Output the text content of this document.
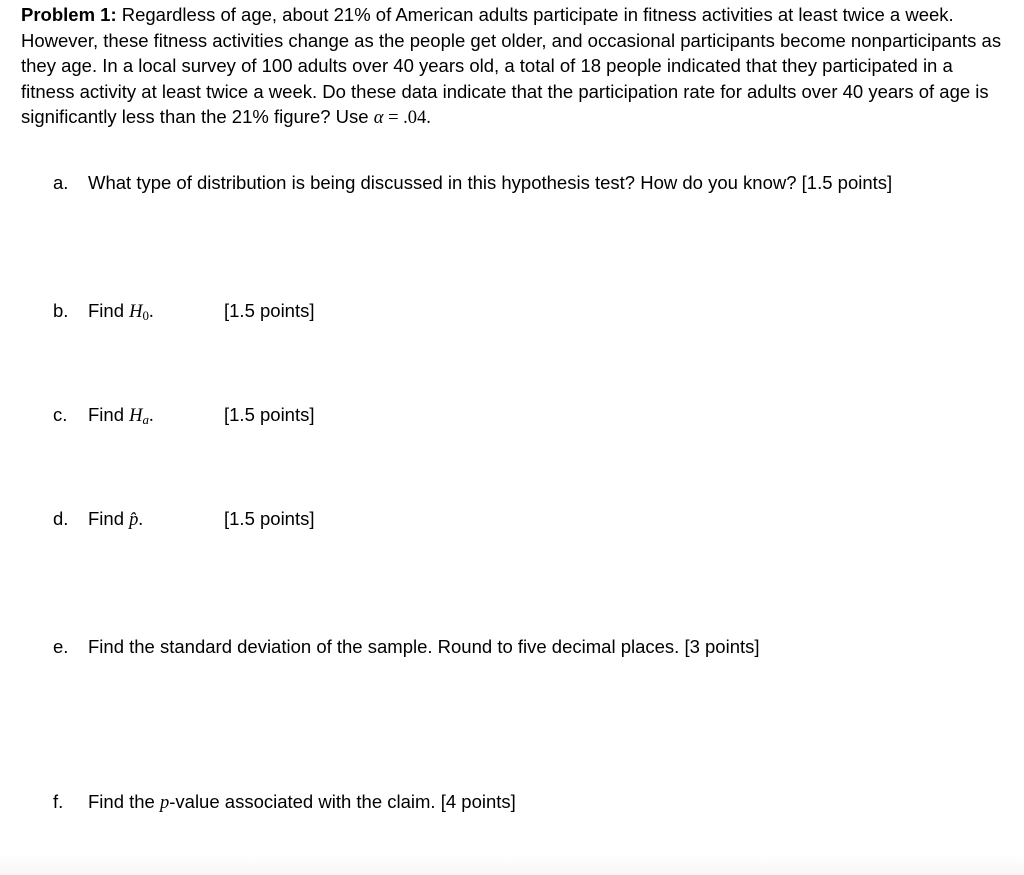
Problem 1: Regardless of age, about 21% of American adults participate in fitness activities at least twice a week. However, these fitness activities change as the people get older, and occasional participants become nonparticipants as they age. In a local survey of 100 adults over 40 years old, a total of 18 people indicated that they participated in a fitness activity at least twice a week. Do these data indicate that the participation rate for adults over 40 years of age is significantly less than the 21% figure? Use α = .04.
a. What type of distribution is being discussed in this hypothesis test? How do you know? [1.5 points]
b. Find $H_0$.	[1.5 points]
c. Find $H_a$.	[1.5 points]
d. Find p̂.	[1.5 points]
e. Find the standard deviation of the sample. Round to five decimal places. [3 points]
f. Find the p-value associated with the claim. [4 points]
